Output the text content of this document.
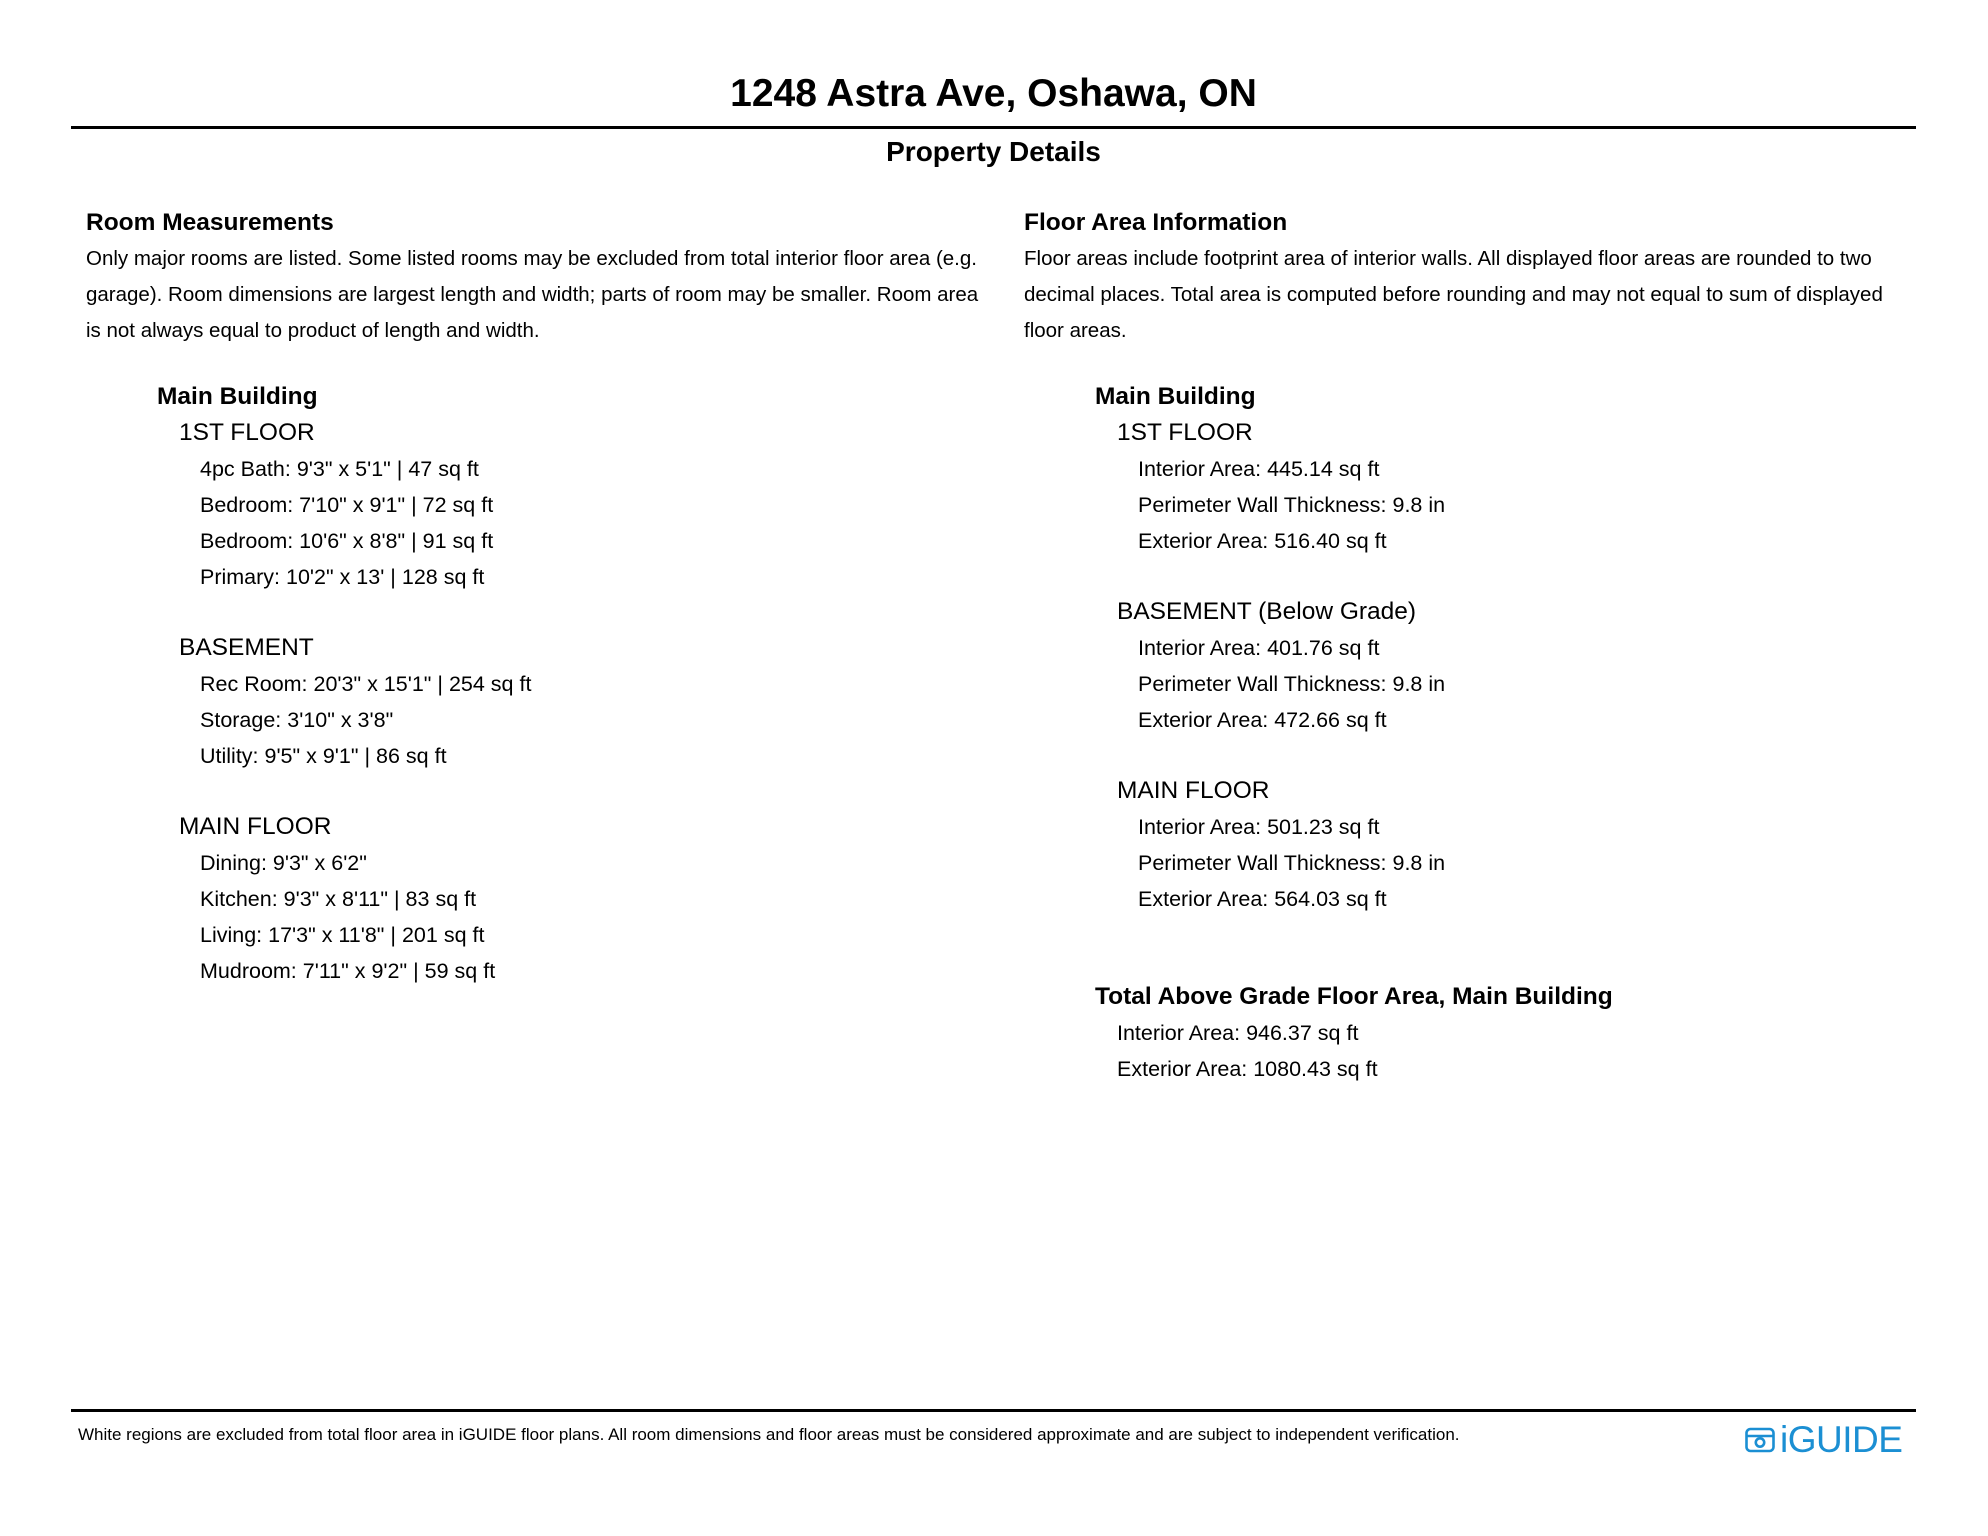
1248 Astra Ave, Oshawa, ON
Property Details
Room Measurements
Only major rooms are listed. Some listed rooms may be excluded from total interior floor area (e.g. garage). Room dimensions are largest length and width; parts of room may be smaller. Room area is not always equal to product of length and width.
Main Building
1ST FLOOR
4pc Bath: 9'3" x 5'1" | 47 sq ft
Bedroom: 7'10" x 9'1" | 72 sq ft
Bedroom: 10'6" x 8'8" | 91 sq ft
Primary: 10'2" x 13' | 128 sq ft
BASEMENT
Rec Room: 20'3" x 15'1" | 254 sq ft
Storage: 3'10" x 3'8"
Utility: 9'5" x 9'1" | 86 sq ft
MAIN FLOOR
Dining: 9'3" x 6'2"
Kitchen: 9'3" x 8'11" | 83 sq ft
Living: 17'3" x 11'8" | 201 sq ft
Mudroom: 7'11" x 9'2" | 59 sq ft
Floor Area Information
Floor areas include footprint area of interior walls. All displayed floor areas are rounded to two decimal places. Total area is computed before rounding and may not equal to sum of displayed floor areas.
Main Building
1ST FLOOR
Interior Area: 445.14 sq ft
Perimeter Wall Thickness: 9.8 in
Exterior Area: 516.40 sq ft
BASEMENT (Below Grade)
Interior Area: 401.76 sq ft
Perimeter Wall Thickness: 9.8 in
Exterior Area: 472.66 sq ft
MAIN FLOOR
Interior Area: 501.23 sq ft
Perimeter Wall Thickness: 9.8 in
Exterior Area: 564.03 sq ft
Total Above Grade Floor Area, Main Building
Interior Area: 946.37 sq ft
Exterior Area: 1080.43 sq ft
White regions are excluded from total floor area in iGUIDE floor plans. All room dimensions and floor areas must be considered approximate and are subject to independent verification.	iGUIDE
